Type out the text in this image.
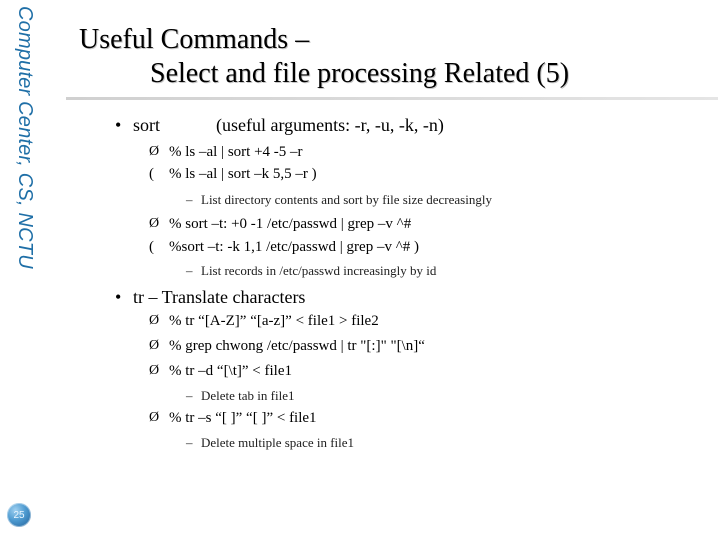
Computer Center, CS, NCTU
25
Useful Commands –
Select and file processing Related (5)
• sort	(useful arguments: -r, -u, -k, -n)
Ø % ls –al | sort +4 -5 –r
( % ls –al | sort –k 5,5 –r )
– List directory contents and sort by file size decreasingly
Ø % sort –t: +0 -1 /etc/passwd | grep –v ^#
( %sort –t: -k 1,1 /etc/passwd | grep –v ^# )
– List records in /etc/passwd increasingly by id
• tr – Translate characters
Ø % tr “[A-Z]” “[a-z]” < file1 > file2
Ø % grep chwong /etc/passwd | tr "[:]" "[\n]“
Ø % tr –d “[\t]” < file1
– Delete tab in file1
Ø % tr –s “[ ]” “[ ]” < file1
– Delete multiple space in file1
